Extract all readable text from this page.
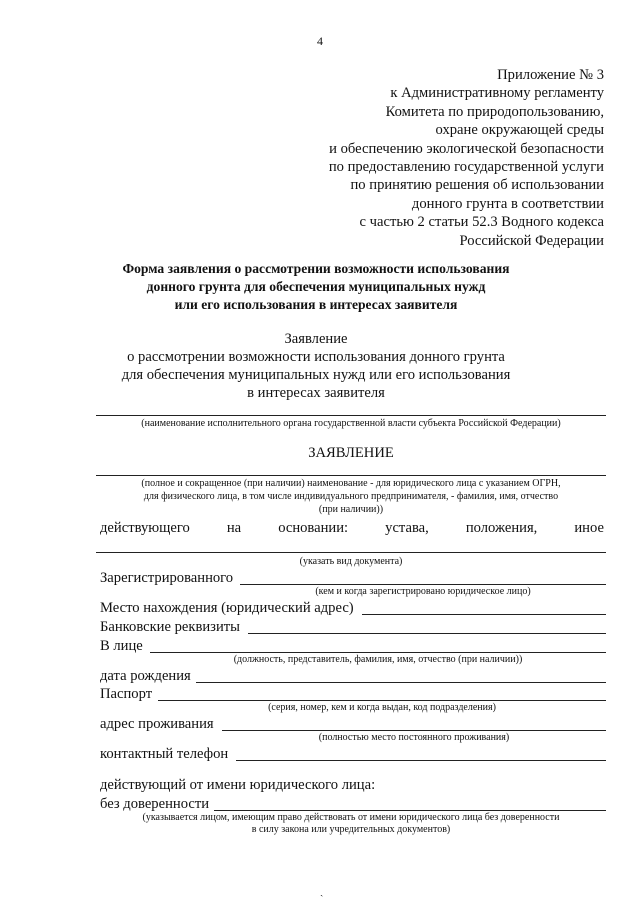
4
Приложение № 3
к Административному регламенту
Комитета по природопользованию,
охране окружающей среды
и обеспечению экологической безопасности
по предоставлению государственной услуги
по принятию решения об использовании
донного грунта в соответствии
с частью 2 статьи 52.3 Водного кодекса
Российской Федерации
Форма заявления о рассмотрении возможности использования
донного грунта для обеспечения муниципальных нужд
или его использования в интересах заявителя
Заявление
о рассмотрении возможности использования донного грунта
для обеспечения муниципальных нужд или его использования
в интересах заявителя
(наименование исполнительного органа государственной власти субъекта Российской Федерации)
ЗАЯВЛЕНИЕ
(полное и сокращенное (при наличии) наименование - для юридического лица с указанием ОГРН,
для физического лица, в том числе индивидуального предпринимателя, - фамилия, имя, отчество
(при наличии))
действующего	на	основании:	устава,	положения,	иное
(указать вид документа)
Зарегистрированного
(кем и когда зарегистрировано юридическое лицо)
Место нахождения (юридический адрес)
Банковские реквизиты
В лице
(должность, представитель, фамилия, имя, отчество (при наличии))
дата рождения
Паспорт
(серия, номер, кем и когда выдан, код подразделения)
адрес проживания
(полностью место постоянного проживания)
контактный телефон
действующий от имени юридического лица:
без доверенности
(указывается лицом, имеющим право действовать от имени юридического лица без доверенности
в силу закона или учредительных документов)
ˎ
